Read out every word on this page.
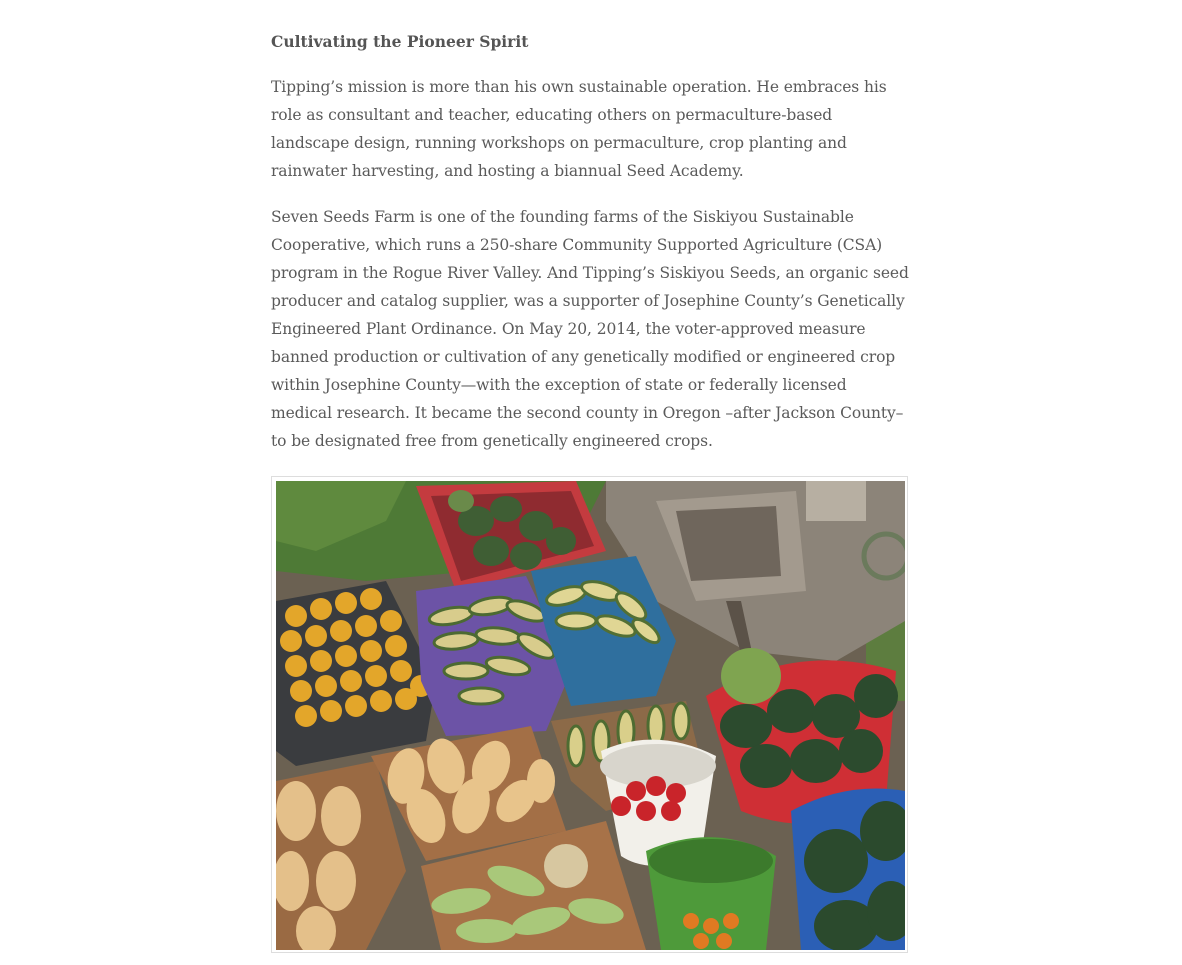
Cultivating the Pioneer Spirit

Tipping’s mission is more than his own sustainable operation. He embraces his role as consultant and teacher, educating others on permaculture-based landscape design, running workshops on permaculture, crop planting and rainwater harvesting, and hosting a biannual Seed Academy.

Seven Seeds Farm is one of the founding farms of the Siskiyou Sustainable Cooperative, which runs a 250-share Community Supported Agriculture (CSA) program in the Rogue River Valley. And Tipping’s Siskiyou Seeds, an organic seed producer and catalog supplier, was a supporter of Josephine County’s Genetically Engineered Plant Ordinance. On May 20, 2014, the voter-approved measure banned production or cultivation of any genetically modified or engineered crop within Josephine County—with the exception of state or federally licensed medical research. It became the second county in Oregon –after Jackson County– to be designated free from genetically engineered crops.
